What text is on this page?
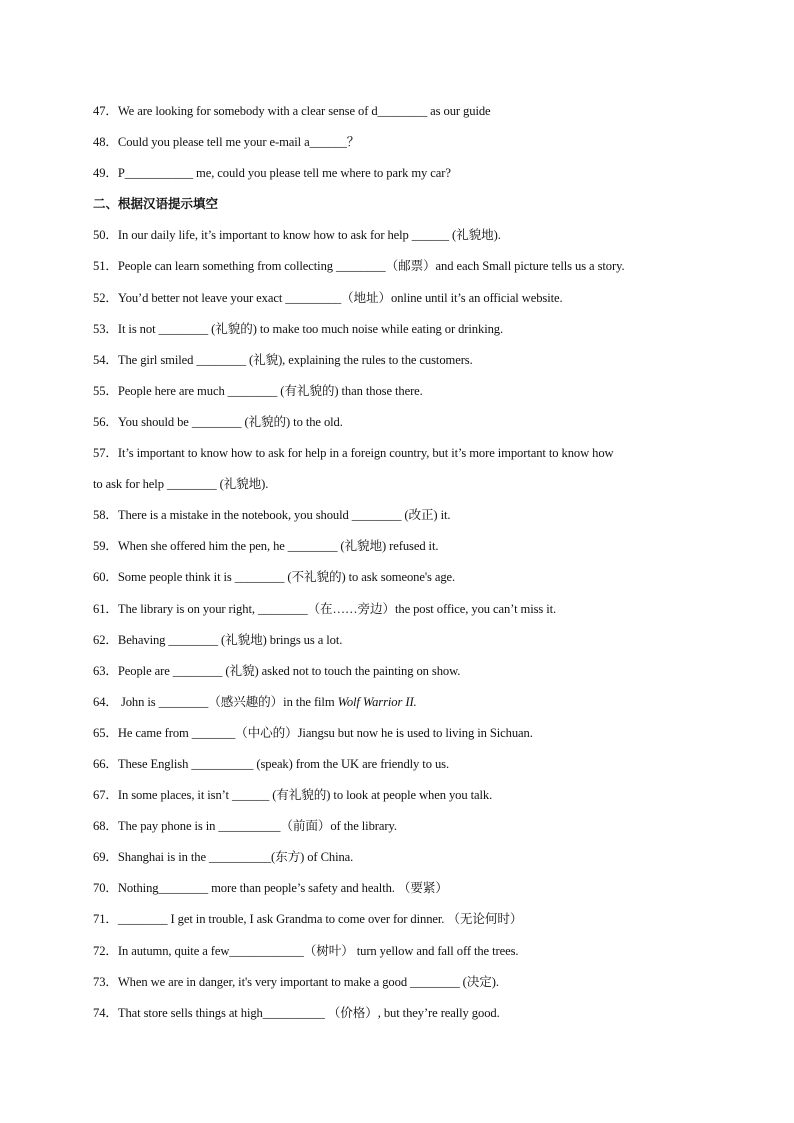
47．We are looking for somebody with a clear sense of d________ as our guide
48．Could you please tell me your e-mail a______？
49．P___________ me, could you please tell me where to park my car?
二、根据汉语提示填空
50．In our daily life, it’s important to know how to ask for help ______ (礼貌地).
51．People can learn something from collecting ________（邮票）and each Small picture tells us a story.
52．You’d better not leave your exact _________（地址）online until it’s an official website.
53．It is not ________ (礼貌的) to make too much noise while eating or drinking.
54．The girl smiled ________ (礼貌), explaining the rules to the customers.
55．People here are much ________ (有礼貌的) than those there.
56．You should be ________ (礼貌的) to the old.
57．It’s important to know how to ask for help in a foreign country, but it’s more important to know how
to ask for help ________ (礼貌地).
58．There is a mistake in the notebook, you should ________ (改正) it.
59．When she offered him the pen, he ________ (礼貌地) refused it.
60．Some people think it is ________ (不礼貌的) to ask someone's age.
61．The library is on your right, ________（在……旁边）the post office, you can’t miss it.
62．Behaving ________ (礼貌地) brings us a lot.
63．People are ________ (礼貌) asked not to touch the painting on show.
64． John is ________（感兴趣的）in the film Wolf Warrior II.
65．He came from _______（中心的）Jiangsu but now he is used to living in Sichuan.
66．These English __________ (speak) from the UK are friendly to us.
67．In some places, it isn’t ______ (有礼貌的) to look at people when you talk.
68．The pay phone is in __________（前面）of the library.
69．Shanghai is in the __________(东方) of China.
70．Nothing________ more than people’s safety and health. （要紧）
71．________ I get in trouble, I ask Grandma to come over for dinner. （无论何时）
72．In autumn, quite a few____________（树叶） turn yellow and fall off the trees.
73．When we are in danger, it's very important to make a good ________ (决定).
74．That store sells things at high__________ （价格）, but they’re really good.
